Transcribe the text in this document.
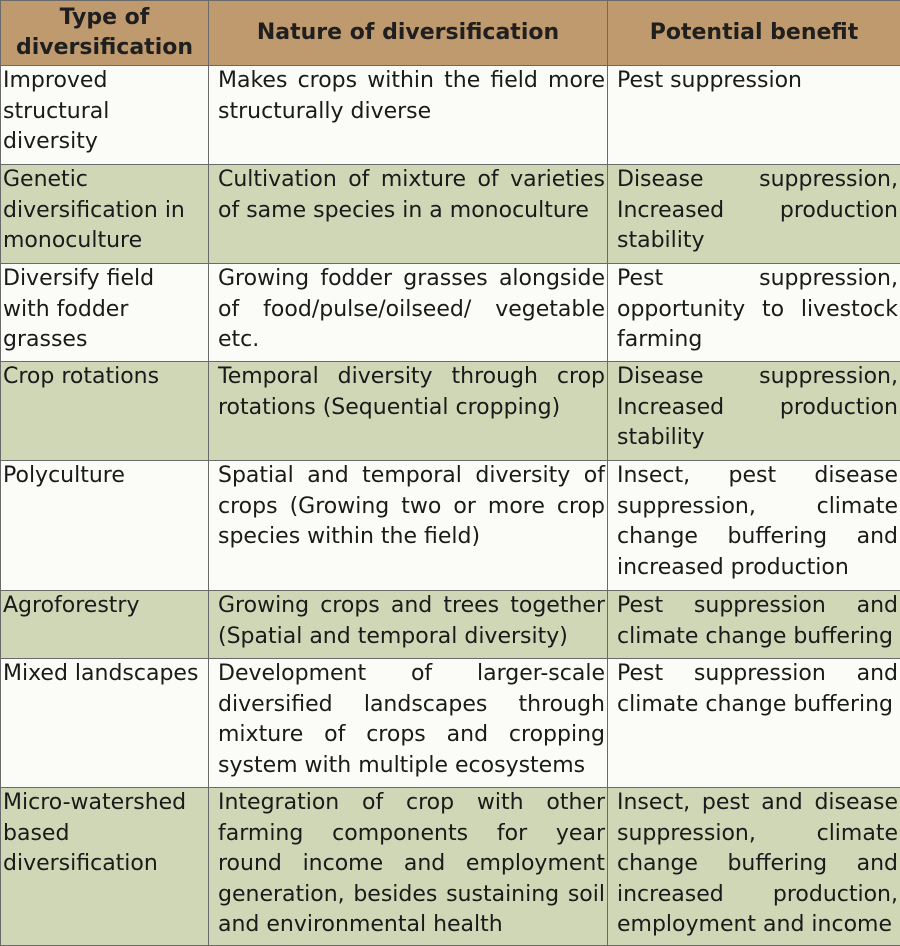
Type of diversification	Nature of diversification	Potential benefit
Improved structural diversity	Makes crops within the field more structurally diverse	Pest suppression
Genetic diversification in monoculture	Cultivation of mixture of varieties of same species in a monoculture	Disease suppression, Increased production stability
Diversify field with fodder grasses	Growing fodder grasses alongside of food/pulse/oilseed/ vegetable etc.	Pest suppression, opportunity to livestock farming
Crop rotations	Temporal diversity through crop rotations (Sequential cropping)	Disease suppression, Increased production stability
Polyculture	Spatial and temporal diversity of crops (Growing two or more crop species within the field)	Insect, pest disease suppression, climate change buffering and increased production
Agroforestry	Growing crops and trees together (Spatial and temporal diversity)	Pest suppression and climate change buffering
Mixed landscapes	Development of larger-scale diversified landscapes through mixture of crops and cropping system with multiple ecosystems	Pest suppression and climate change buffering
Micro-watershed based diversification	Integration of crop with other farming components for year round income and employment generation, besides sustaining soil and environmental health	Insect, pest and disease suppression, climate change buffering and increased production, employment and income
